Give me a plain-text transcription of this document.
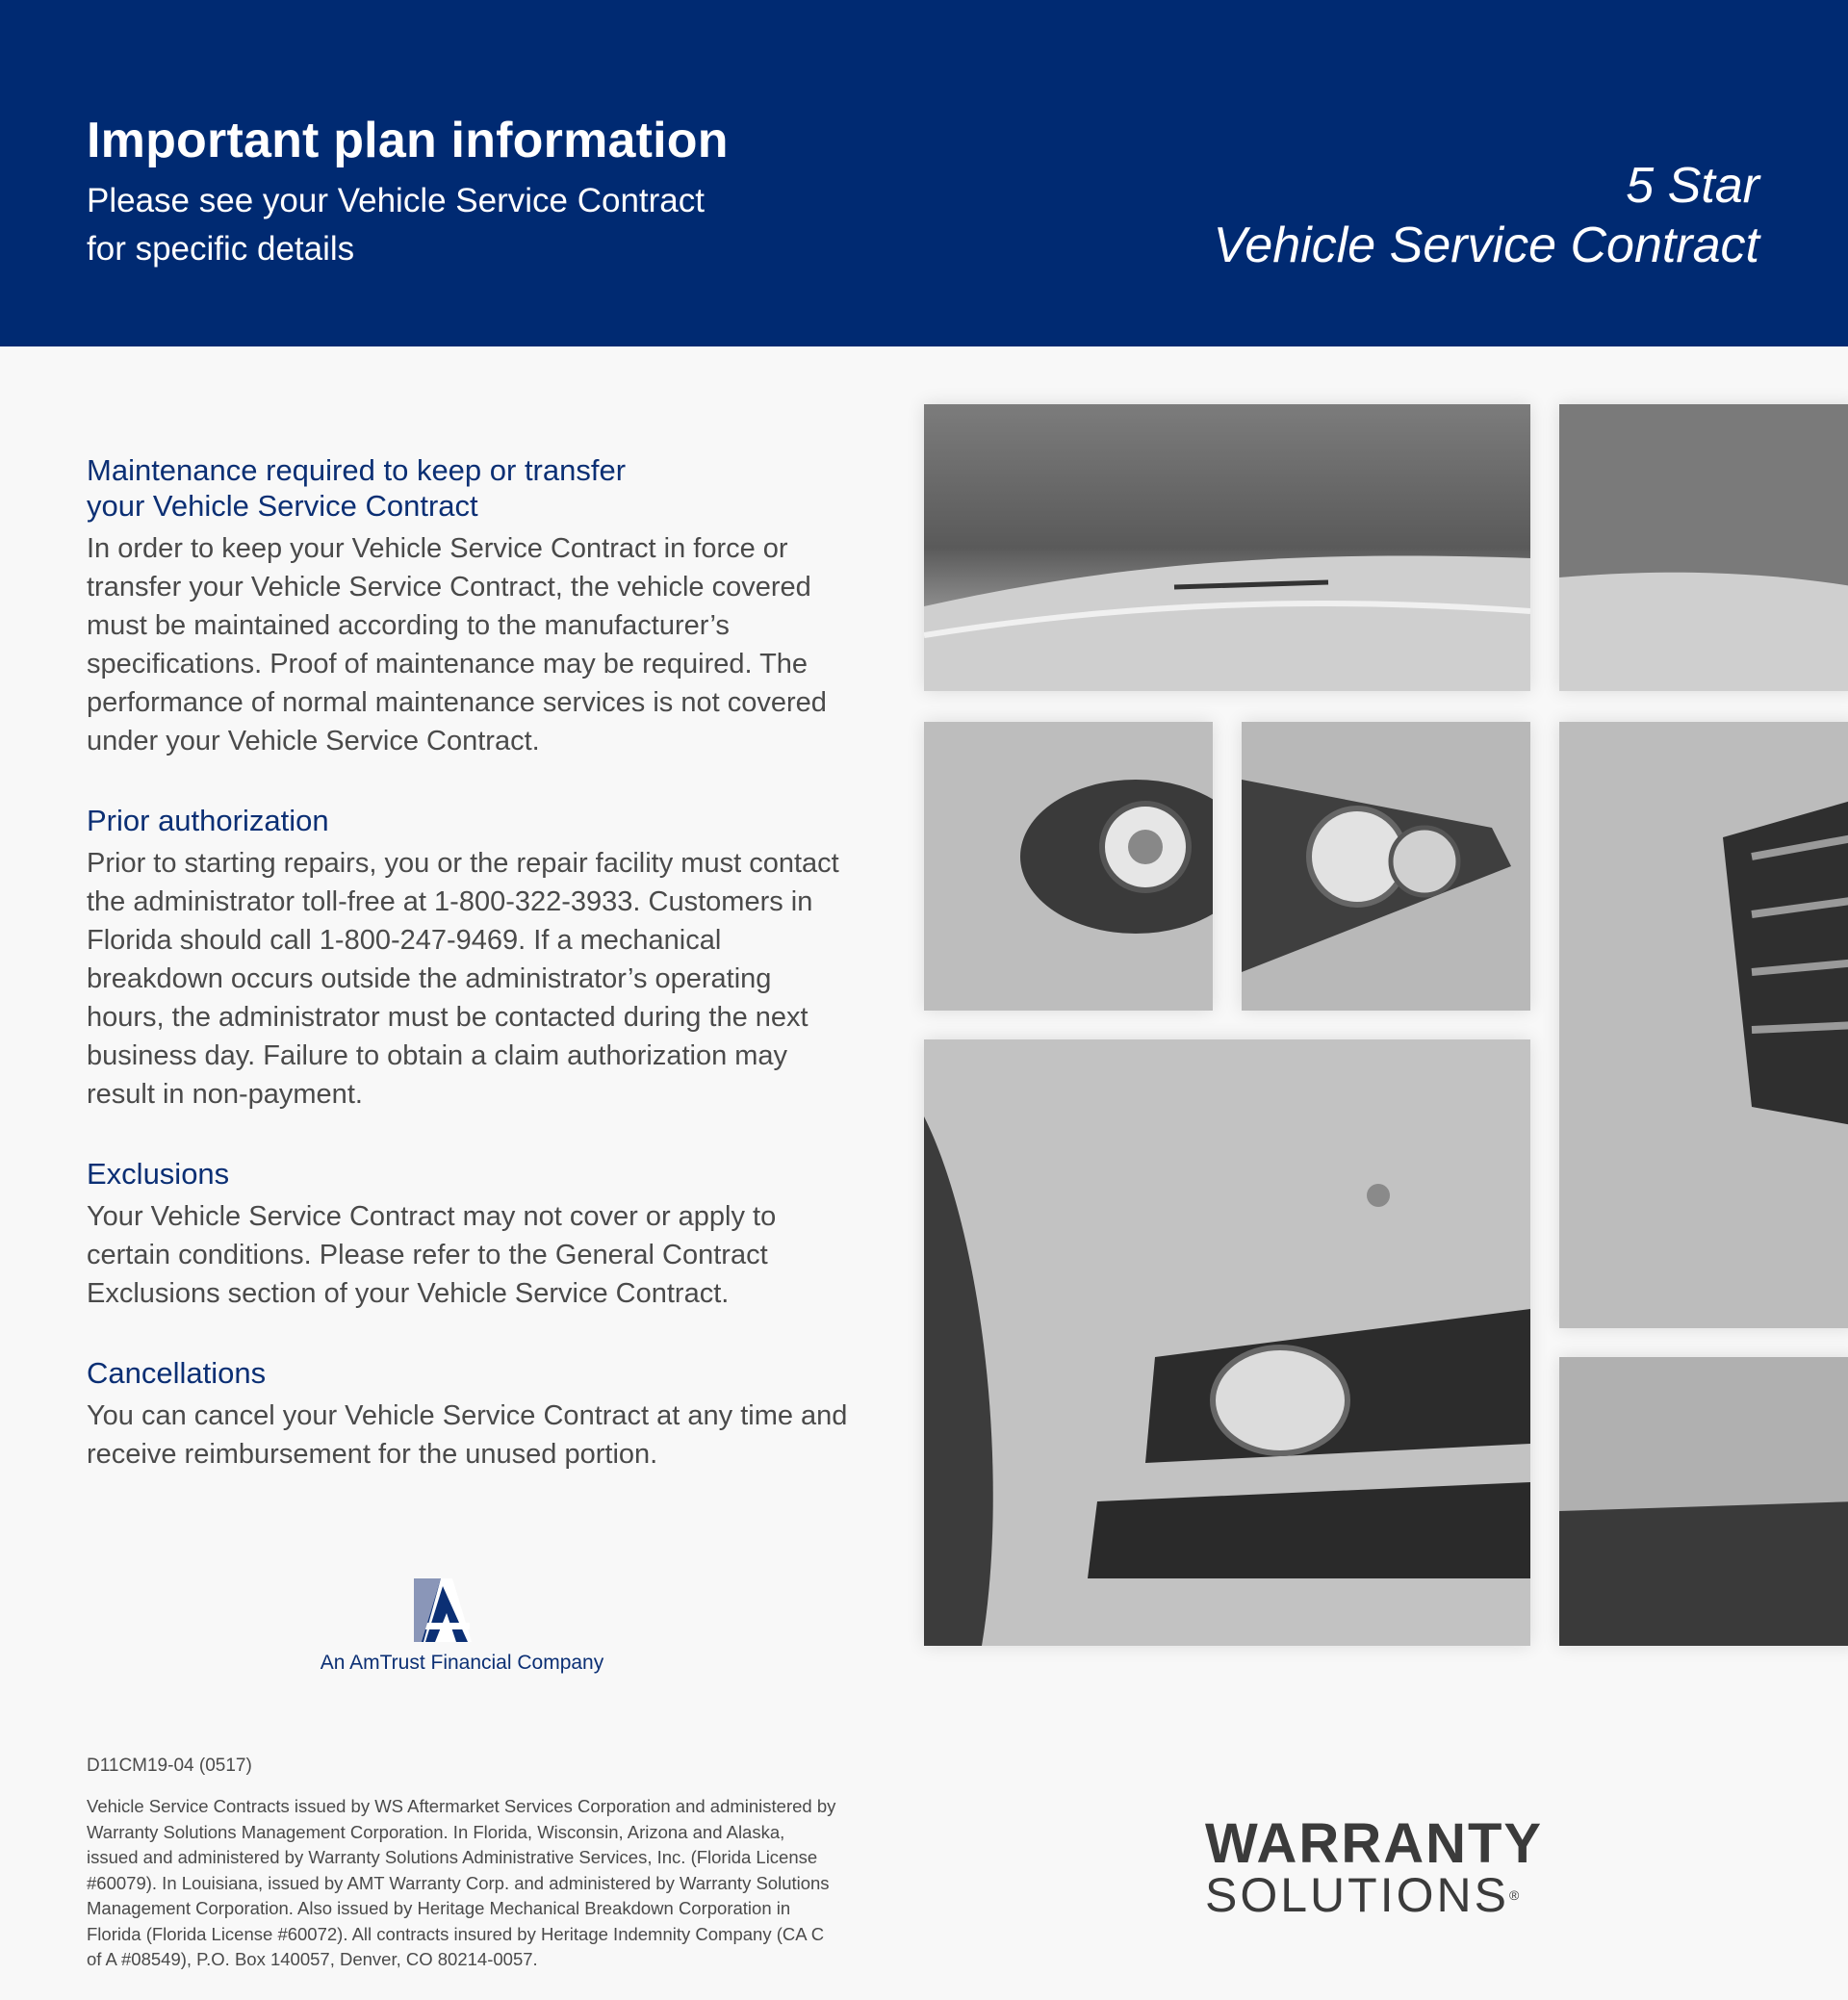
Important plan information
Please see your Vehicle Service Contract
for specific details
5 Star
Vehicle Service Contract
Maintenance required to keep or transfer
your Vehicle Service Contract

In order to keep your Vehicle Service Contract in force or transfer your Vehicle Service Contract, the vehicle covered must be maintained according to the manufacturer’s specifications. Proof of maintenance may be required. The performance of normal maintenance services is not covered under your Vehicle Service Contract.

Prior authorization

Prior to starting repairs, you or the repair facility must contact the administrator toll-free at 1-800-322-3933. Customers in Florida should call 1-800-247-9469. If a mechanical breakdown occurs outside the administrator’s operating hours, the administrator must be contacted during the next business day. Failure to obtain a claim authorization may result in non-payment.

Exclusions

Your Vehicle Service Contract may not cover or apply to certain conditions. Please refer to the General Contract Exclusions section of your Vehicle Service Contract.

Cancellations

You can cancel your Vehicle Service Contract at any time and receive reimbursement for the unused portion.

An AmTrust Financial Company
D11CM19-04 (0517)
Vehicle Service Contracts issued by WS Aftermarket Services Corporation and administered by Warranty Solutions Management Corporation. In Florida, Wisconsin, Arizona and Alaska, issued and administered by Warranty Solutions Administrative Services, Inc. (Florida License #60079). In Louisiana, issued by AMT Warranty Corp. and administered by Warranty Solutions Management Corporation. Also issued by Heritage Mechanical Breakdown Corporation in Florida (Florida License #60072). All contracts insured by Heritage Indemnity Company (CA C of A #08549), P.O. Box 140057, Denver, CO 80214-0057.
WARRANTY
SOLUTIONS®
